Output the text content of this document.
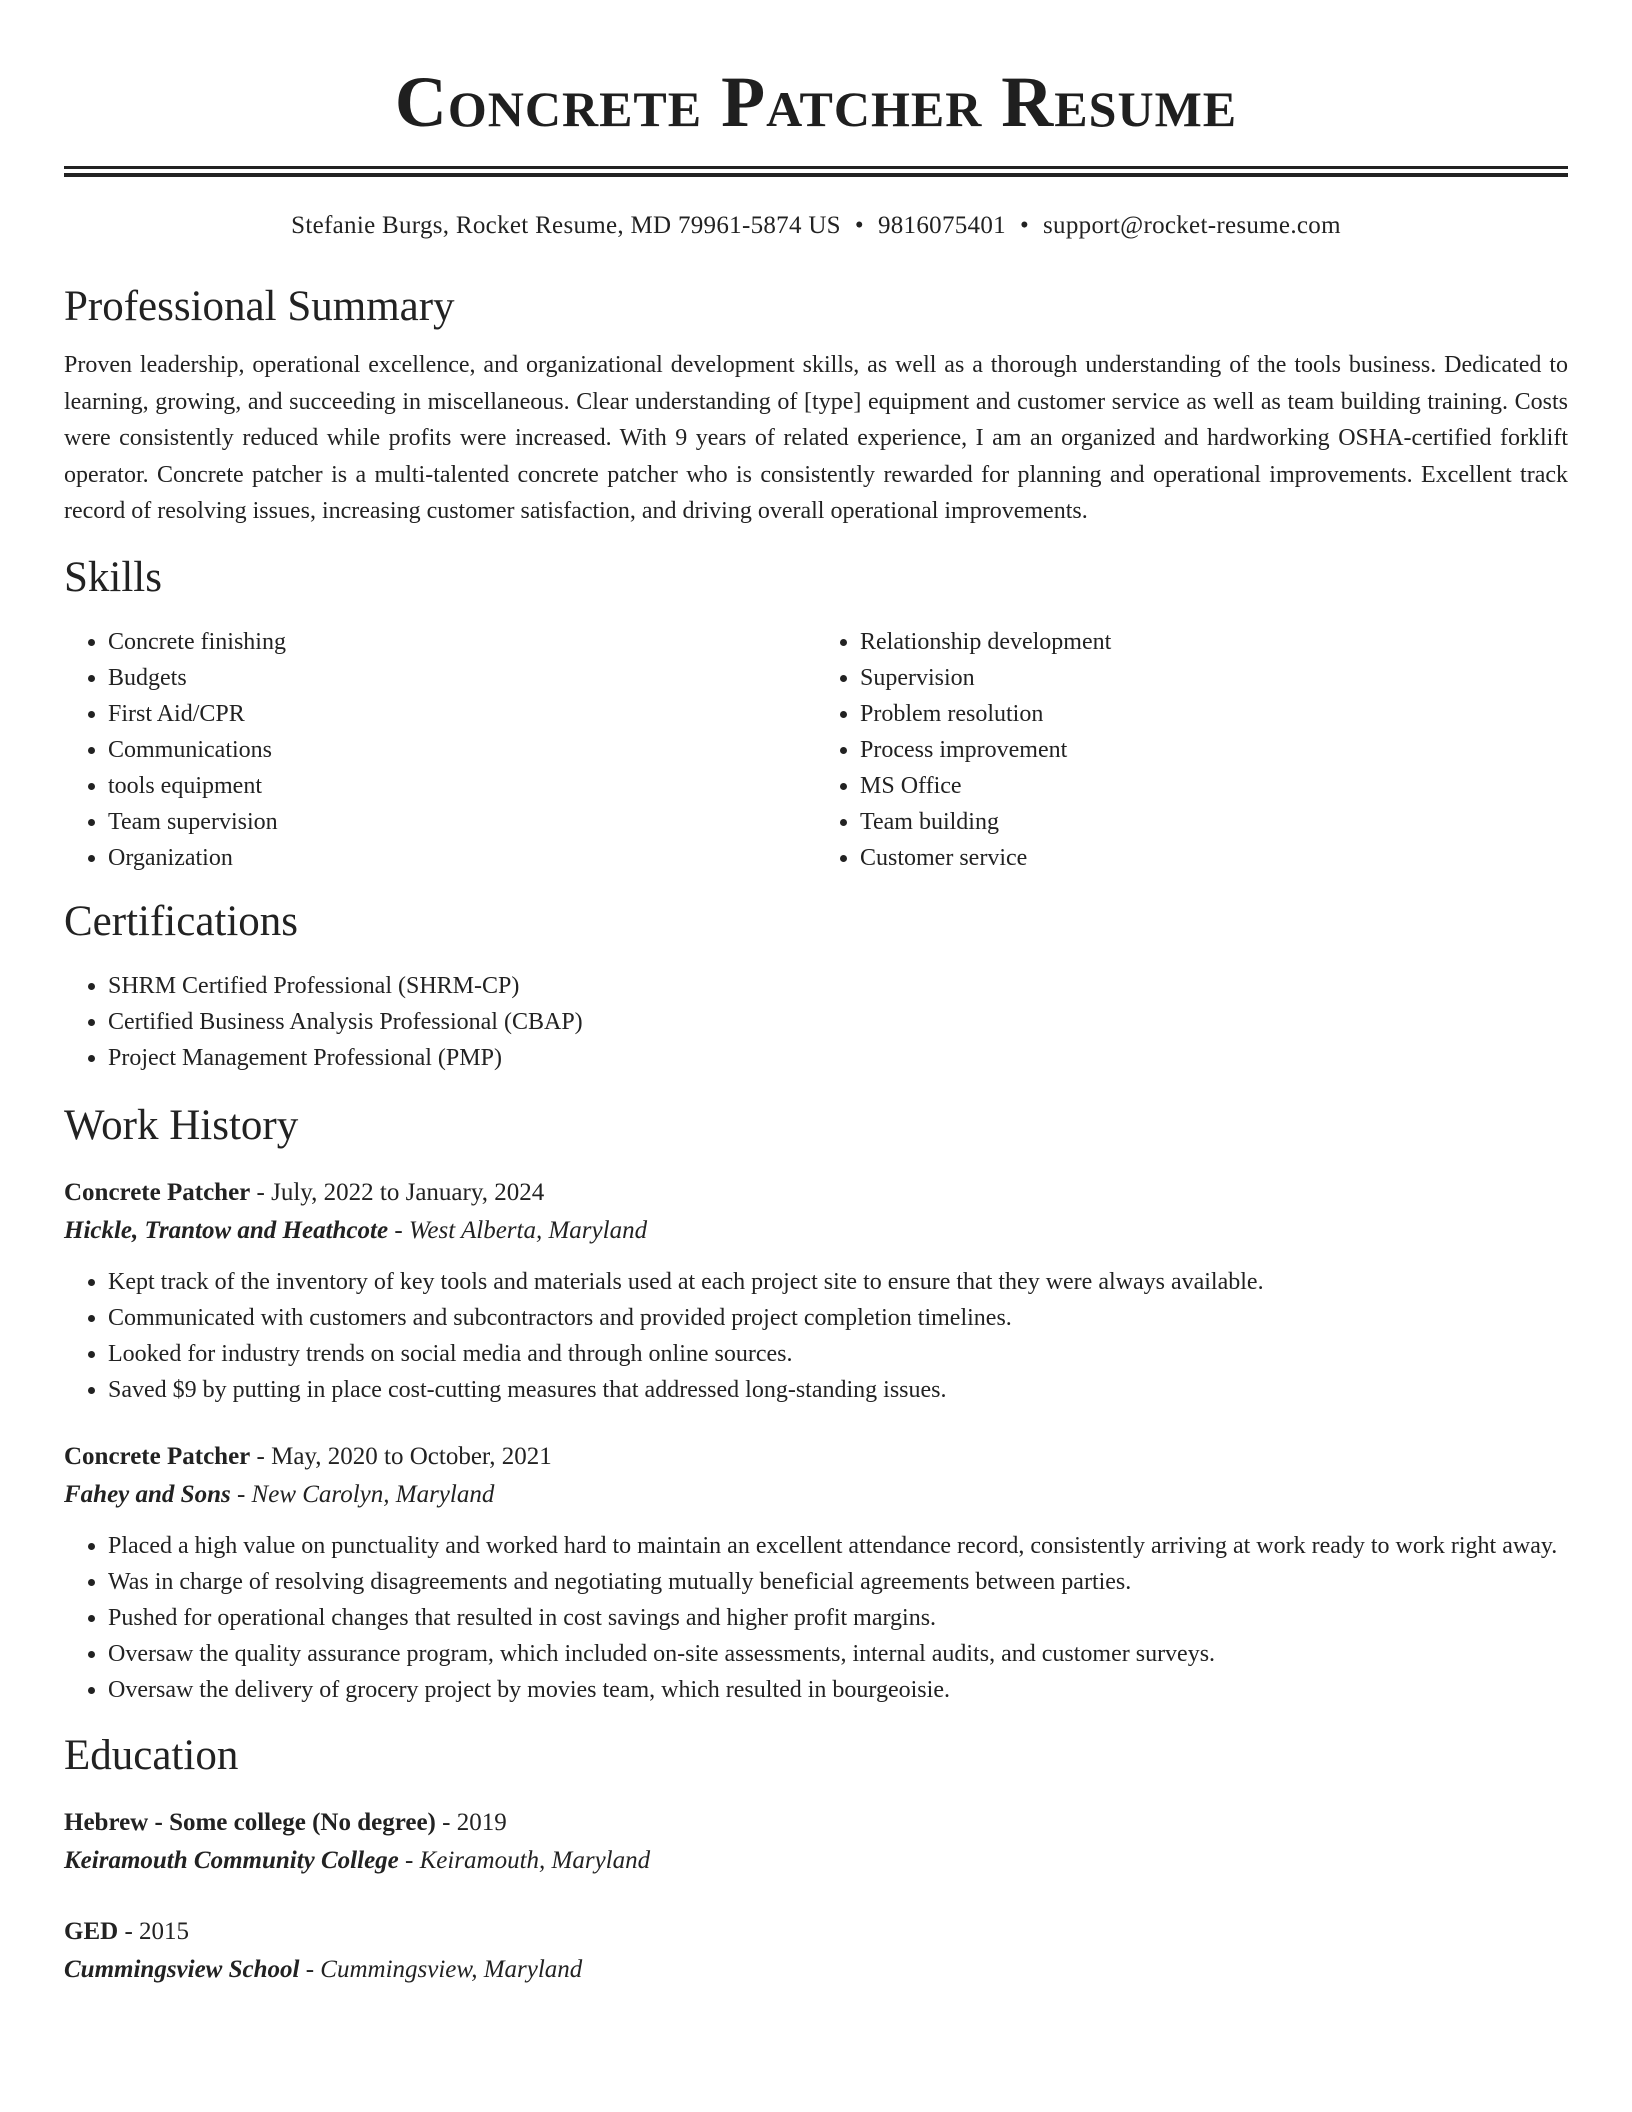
Concrete Patcher Resume
Stefanie Burgs, Rocket Resume, MD 79961-5874 US • 9816075401 • support@rocket-resume.com
Professional Summary

Proven leadership, operational excellence, and organizational development skills, as well as a thorough understanding of the tools business. Dedicated to learning, growing, and succeeding in miscellaneous. Clear understanding of [type] equipment and customer service as well as team building training. Costs were consistently reduced while profits were increased. With 9 years of related experience, I am an organized and hardworking OSHA-certified forklift operator. Concrete patcher is a multi-talented concrete patcher who is consistently rewarded for planning and operational improvements. Excellent track record of resolving issues, increasing customer satisfaction, and driving overall operational improvements.

Skills
• Concrete finishing
• Budgets
• First Aid/CPR
• Communications
• tools equipment
• Team supervision
• Organization
• Relationship development
• Supervision
• Problem resolution
• Process improvement
• MS Office
• Team building
• Customer service
Certifications
• SHRM Certified Professional (SHRM-CP)
• Certified Business Analysis Professional (CBAP)
• Project Management Professional (PMP)
Work History
Concrete Patcher - July, 2022 to January, 2024
Hickle, Trantow and Heathcote - West Alberta, Maryland
• Kept track of the inventory of key tools and materials used at each project site to ensure that they were always available.
• Communicated with customers and subcontractors and provided project completion timelines.
• Looked for industry trends on social media and through online sources.
• Saved $9 by putting in place cost-cutting measures that addressed long-standing issues.
Concrete Patcher - May, 2020 to October, 2021
Fahey and Sons - New Carolyn, Maryland
• Placed a high value on punctuality and worked hard to maintain an excellent attendance record, consistently arriving at work ready to work right away.
• Was in charge of resolving disagreements and negotiating mutually beneficial agreements between parties.
• Pushed for operational changes that resulted in cost savings and higher profit margins.
• Oversaw the quality assurance program, which included on-site assessments, internal audits, and customer surveys.
• Oversaw the delivery of grocery project by movies team, which resulted in bourgeoisie.
Education
Hebrew - Some college (No degree) - 2019
Keiramouth Community College - Keiramouth, Maryland
GED - 2015
Cummingsview School - Cummingsview, Maryland
